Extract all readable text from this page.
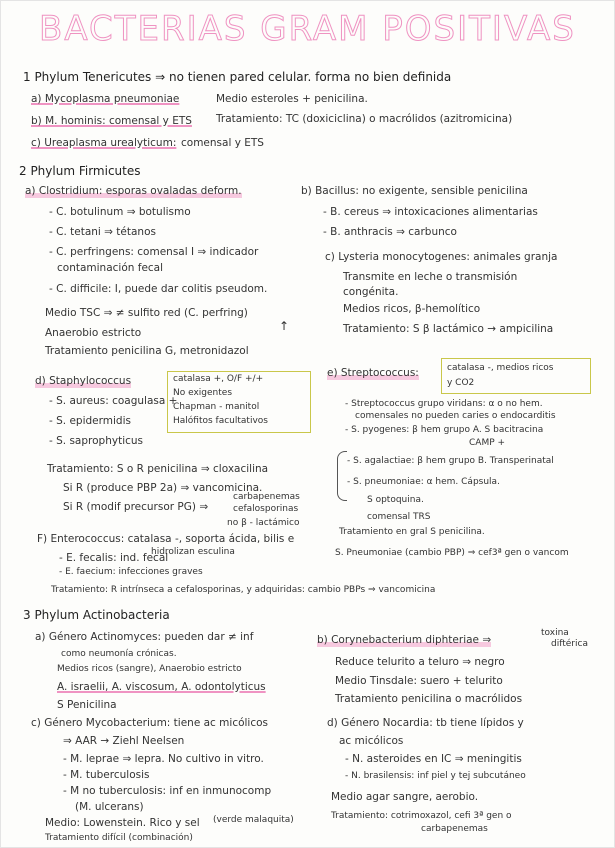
BACTERIAS GRAM POSITIVAS
1 Phylum Tenericutes ⇒ no tienen pared celular. forma no bien definida
a) Mycoplasma pneumoniae	Medio esteroles + penicilina.
b) M. hominis: comensal y ETS Tratamiento: TC (doxiciclina) o macrólidos (azitromicina)
c) Ureaplasma urealyticum: comensal y ETS
2 Phylum Firmicutes
a) Clostridium: esporas ovaladas deform.
- C. botulinum ⇒ botulismo
- C. tetani ⇒ tétanos
- C. perfringens: comensal I ⇒ indicador
contaminación fecal
- C. difficile: I, puede dar colitis pseudom.
Medio TSC ⇒ ≠ sulfito red (C. perfring)
↑
Anaerobio estricto
Tratamiento penicilina G, metronidazol
b) Bacillus: no exigente, sensible penicilina
- B. cereus ⇒ intoxicaciones alimentarias
- B. anthracis ⇒ carbunco
c) Lysteria monocytogenes: animales granja
Transmite en leche o transmisión
congénita.
Medios ricos, β-hemolítico
Tratamiento: S β lactámico → ampicilina
d) Staphylococcus	catalasa +, O/F +/+
No exigentes
Chapman - manitol
Halófitos facultativos
- S. aureus: coagulasa +
- S. epidermidis
- S. saprophyticus
Tratamiento: S o R penicilina ⇒ cloxacilina
Si R (produce PBP 2a) ⇒ vancomicina.
Si R (modif precursor PG) ⇒
carbapenemas
cefalosporinas
no β - lactámico
e) Streptococcus:	catalasa -, medios ricos
y CO2
- Streptococcus grupo viridans: α o no hem.
comensales no pueden caries o endocarditis
- S. pyogenes: β hem grupo A. S bacitracina
CAMP +
- S. agalactiae: β hem grupo B. Transperinatal
- S. pneumoniae: α hem. Cápsula.
S optoquina.
comensal TRS
Tratamiento en gral S penicilina.
S. Pneumoniae (cambio PBP) ⇒ cef3ª gen o vancom
F) Enterococcus: catalasa -, soporta ácida, bilis e
hidrolizan esculina
- E. fecalis: ind. fecal
- E. faecium: infecciones graves
Tratamiento: R intrínseca a cefalosporinas, y adquiridas: cambio PBPs ⇒ vancomicina
3 Phylum Actinobacteria
a) Género Actinomyces: pueden dar ≠ inf
como neumonía crónicas.
Medios ricos (sangre), Anaerobio estricto
A. israelii, A. viscosum, A. odontolyticus
S Penicilina
b) Corynebacterium diphteriae ⇒
toxina
diftérica
Reduce telurito a teluro ⇒ negro
Medio Tinsdale: suero + telurito
Tratamiento penicilina o macrólidos
c) Género Mycobacterium: tiene ac micólicos
⇒ AAR → Ziehl Neelsen
- M. leprae ⇒ lepra. No cultivo in vitro.
- M. tuberculosis
- M no tuberculosis: inf en inmunocomp
(M. ulcerans)
Medio: Lowenstein. Rico y sel (verde malaquita)
Tratamiento difícil (combinación)
d) Género Nocardia: tb tiene lípidos y
ac micólicos
- N. asteroides en IC ⇒ meningitis
- N. brasilensis: inf piel y tej subcutáneo
Medio agar sangre, aerobio.
Tratamiento: cotrimoxazol, cefi 3ª gen o
carbapenemas
